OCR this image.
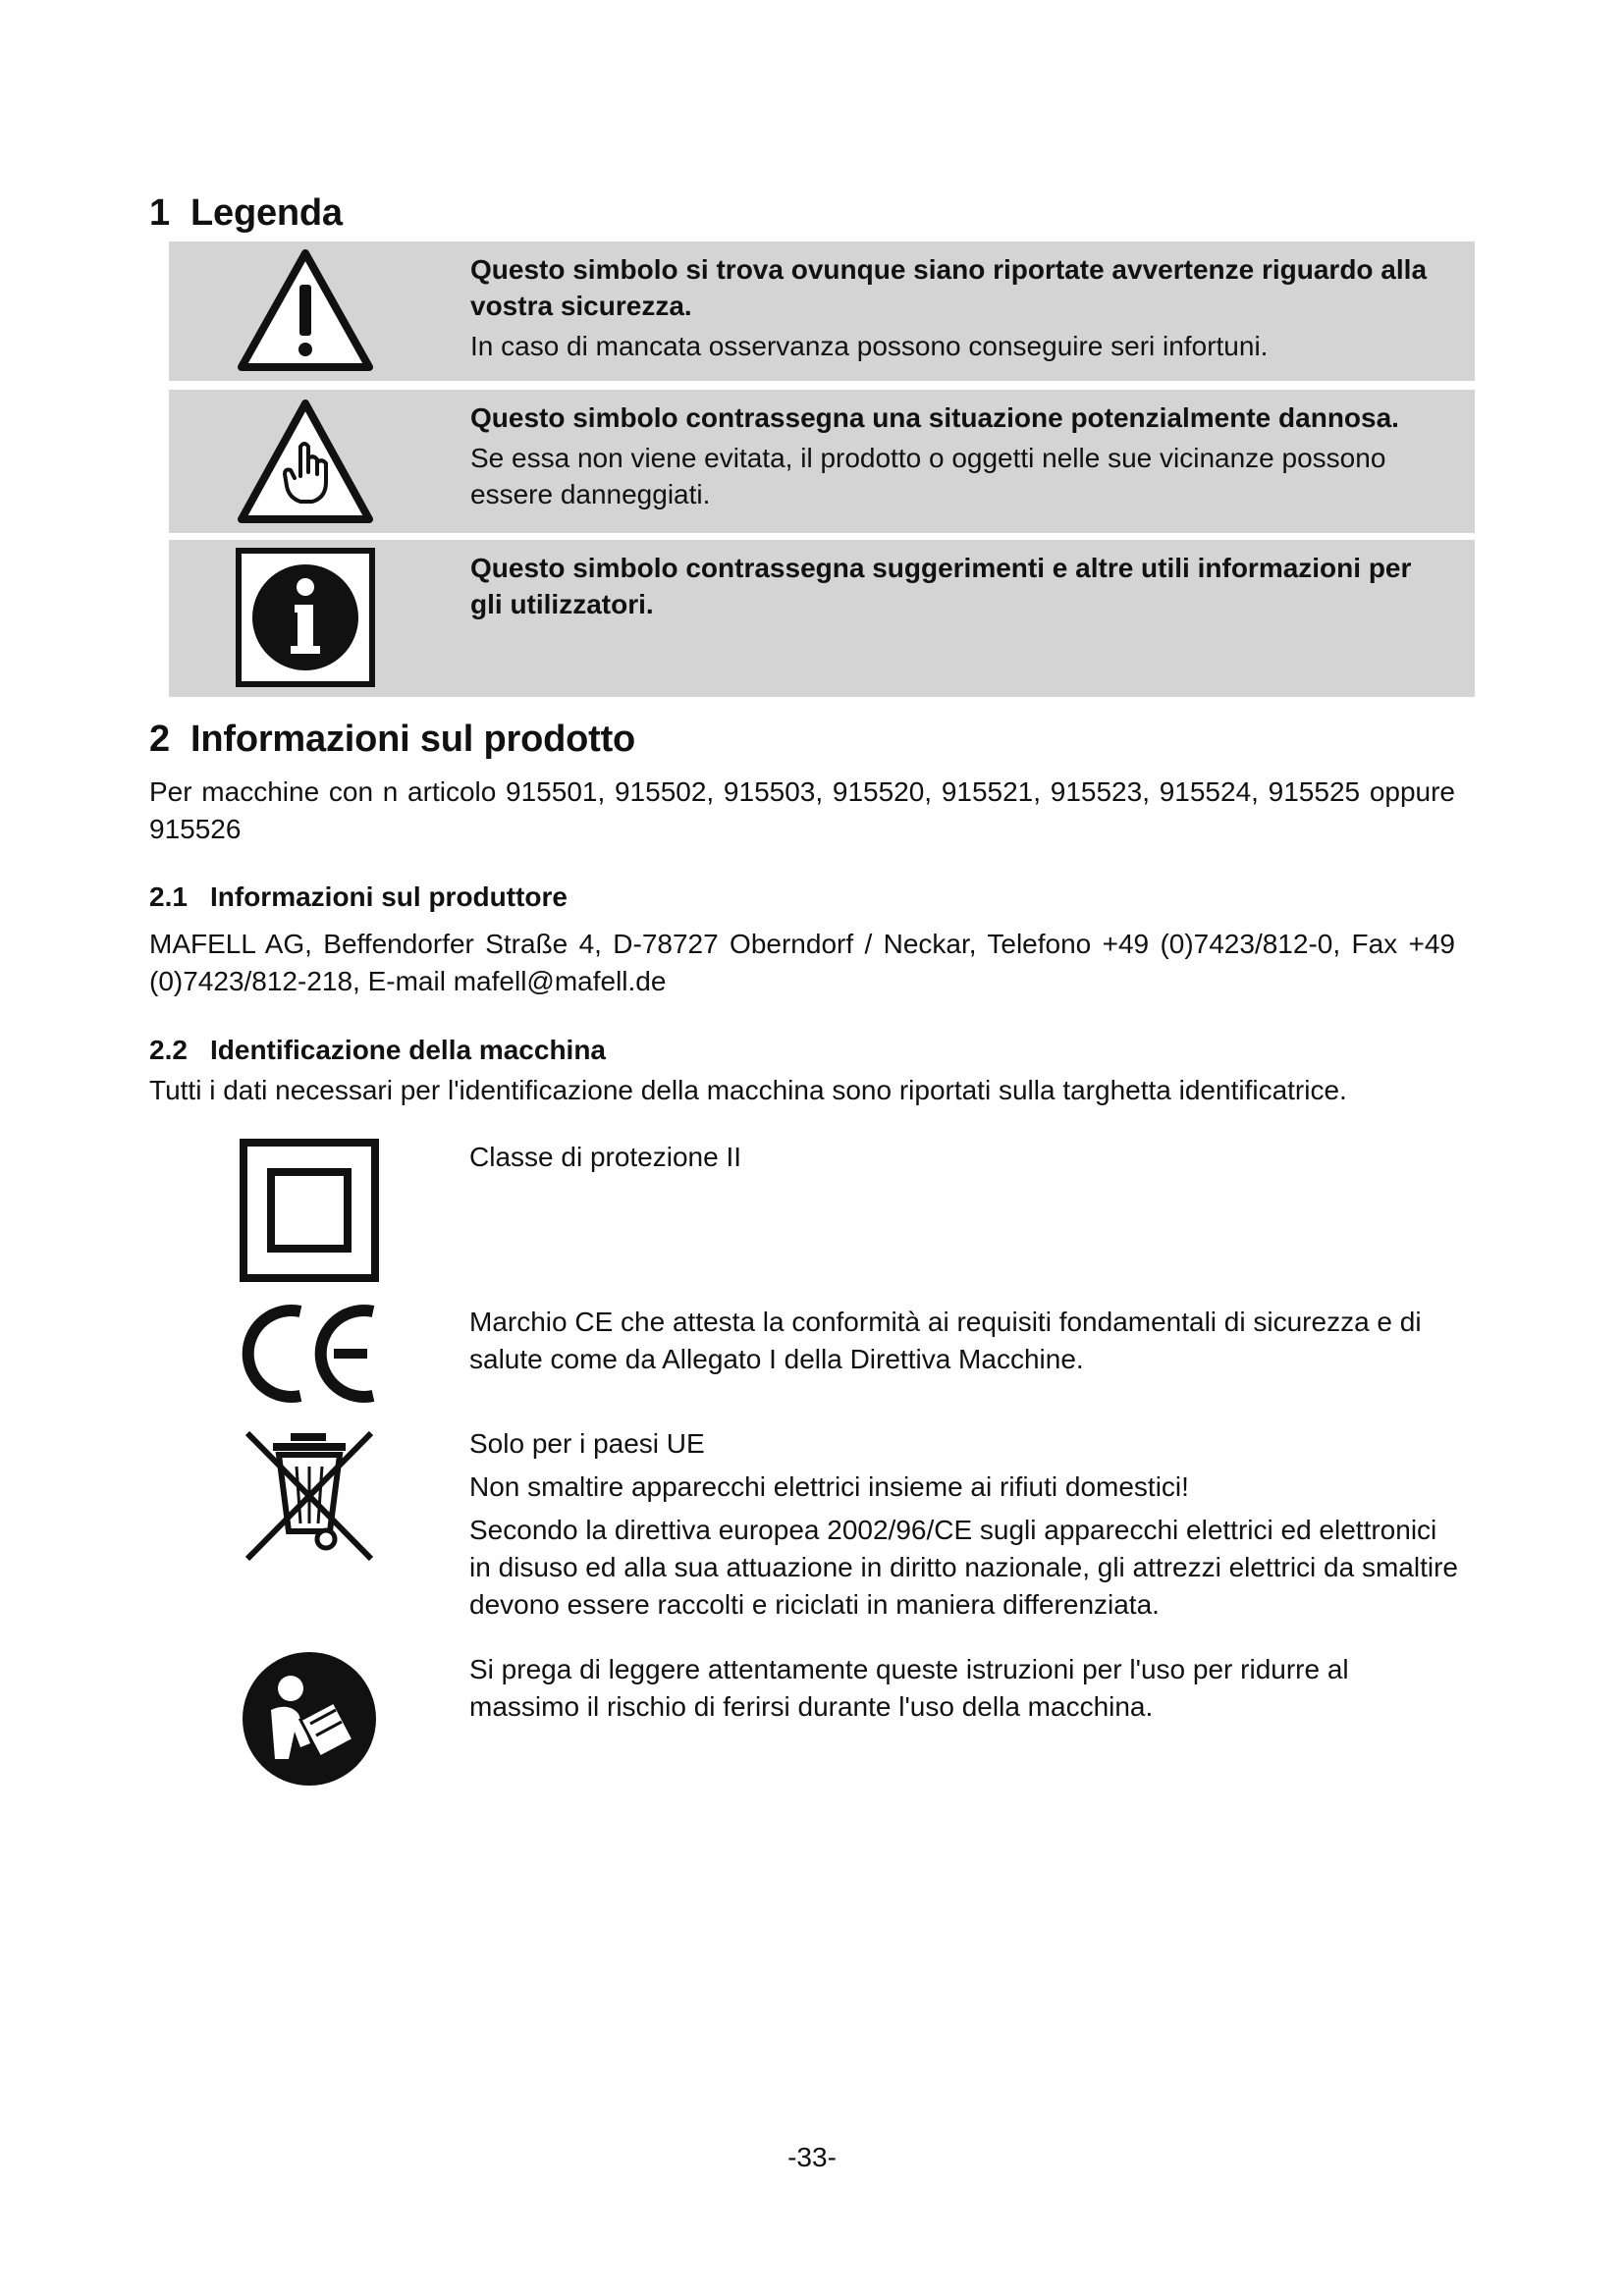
1 Legenda
Questo simbolo si trova ovunque siano riportate avvertenze riguardo alla vostra sicurezza.
In caso di mancata osservanza possono conseguire seri infortuni.
Questo simbolo contrassegna una situazione potenzialmente dannosa.
Se essa non viene evitata, il prodotto o oggetti nelle sue vicinanze possono essere danneggiati.
Questo simbolo contrassegna suggerimenti e altre utili informazioni per gli utilizzatori.
2 Informazioni sul prodotto
Per macchine con n articolo 915501, 915502, 915503, 915520, 915521, 915523, 915524, 915525 oppure 915526
2.1 Informazioni sul produttore
MAFELL AG, Beffendorfer Straße 4, D-78727 Oberndorf / Neckar, Telefono +49 (0)7423/812-0, Fax +49 (0)7423/812-218, E-mail mafell@mafell.de
2.2 Identificazione della macchina
Tutti i dati necessari per l'identificazione della macchina sono riportati sulla targhetta identificatrice.

Classe di protezione II

Marchio CE che attesta la conformità ai requisiti fondamentali di sicurezza e di salute come da Allegato I della Direttiva Macchine.

Solo per i paesi UE

Non smaltire apparecchi elettrici insieme ai rifiuti domestici!

Secondo la direttiva europea 2002/96/CE sugli apparecchi elettrici ed elettronici in disuso ed alla sua attuazione in diritto nazionale, gli attrezzi elettrici da smaltire devono essere raccolti e riciclati in maniera differenziata.

Si prega di leggere attentamente queste istruzioni per l'uso per ridurre al massimo il rischio di ferirsi durante l'uso della macchina.

-33-
